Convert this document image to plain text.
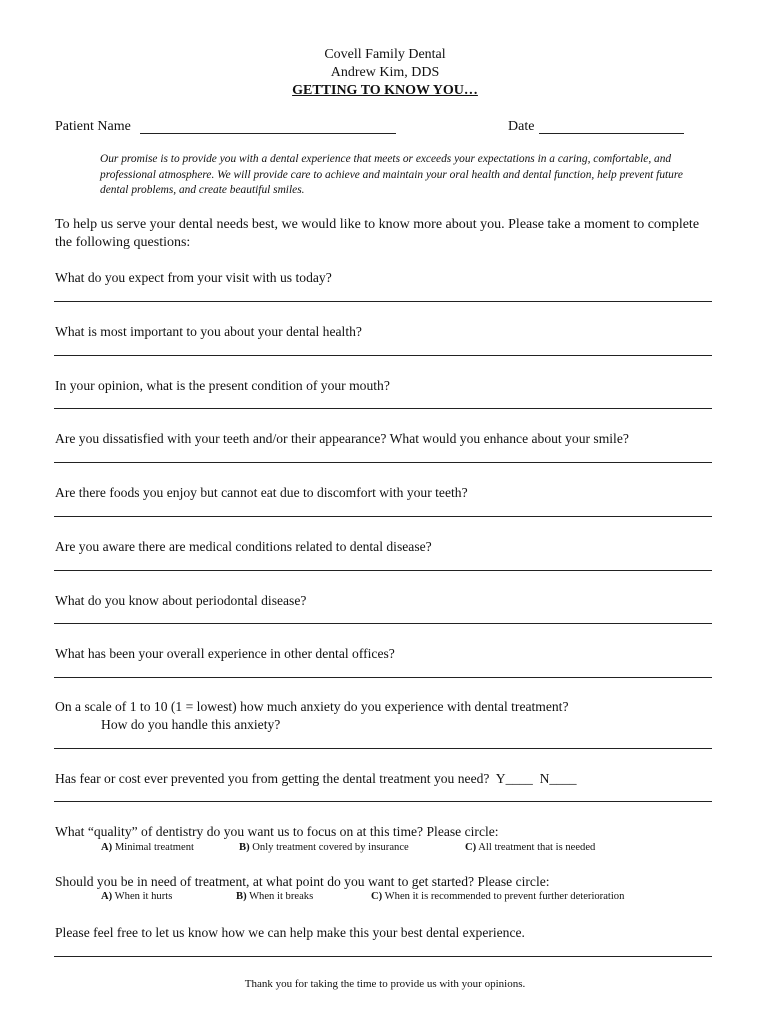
Covell Family Dental
Andrew Kim, DDS
GETTING TO KNOW YOU…
Patient Name	Date
Our promise is to provide you with a dental experience that meets or exceeds your expectations in a caring, comfortable, and professional atmosphere. We will provide care to achieve and maintain your oral health and dental function, help prevent future dental problems, and create beautiful smiles.
To help us serve your dental needs best, we would like to know more about you. Please take a moment to complete the following questions:
What do you expect from your visit with us today?
What is most important to you about your dental health?
In your opinion, what is the present condition of your mouth?
Are you dissatisfied with your teeth and/or their appearance? What would you enhance about your smile?
Are there foods you enjoy but cannot eat due to discomfort with your teeth?
Are you aware there are medical conditions related to dental disease?
What do you know about periodontal disease?
What has been your overall experience in other dental offices?
On a scale of 1 to 10 (1 = lowest) how much anxiety do you experience with dental treatment?
How do you handle this anxiety?
Has fear or cost ever prevented you from getting the dental treatment you need? Y____ N____
What “quality” of dentistry do you want us to focus on at this time? Please circle:
A) Minimal treatment	B) Only treatment covered by insurance	C) All treatment that is needed
Should you be in need of treatment, at what point do you want to get started? Please circle:
A) When it hurts	B) When it breaks	C) When it is recommended to prevent further deterioration
Please feel free to let us know how we can help make this your best dental experience.
Thank you for taking the time to provide us with your opinions.
